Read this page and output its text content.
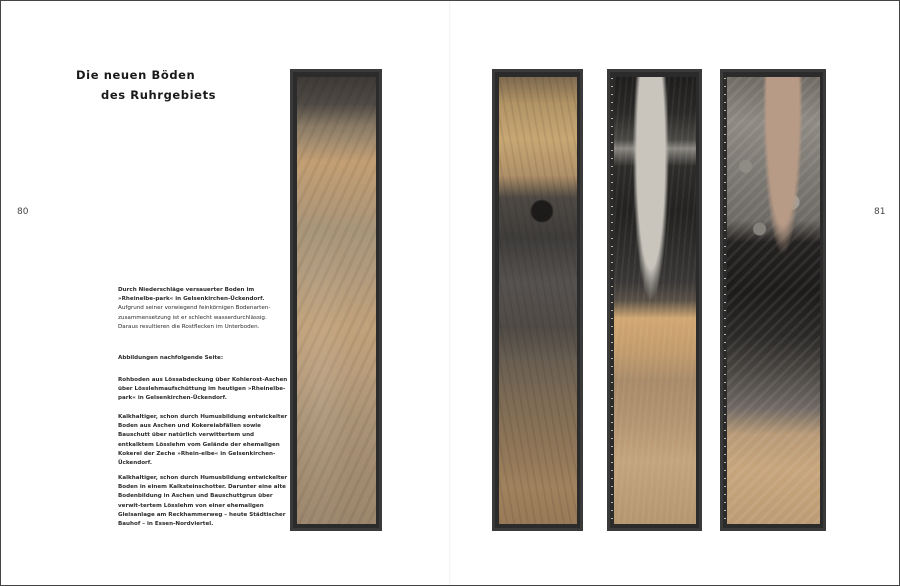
Die neuen Böden
des Ruhrgebiets
80	81

Durch Niederschläge versauerter Boden im »Rheinelbe-park« in Gelsenkirchen-Ückendorf.

Aufgrund seiner vorwiegend feinkörnigen Bodenarten-zusammensetzung ist er schlecht wasserdurchlässig. Daraus resultieren die Rostflecken im Unterboden.

Abbildungen nachfolgende Seite:

Rohboden aus Lössabdeckung über Kohlerost-Aschen über Lösslehmaufschüttung im heutigen »Rheinelbe-park« in Gelsenkirchen-Ückendorf.

Kalkhaltiger, schon durch Humusbildung entwickelter Boden aus Aschen und Kokereiabfällen sowie Bauschutt über natürlich verwittertem und entkalktem Lösslehm vom Gelände der ehemaligen Kokerei der Zeche »Rhein-elbe« in Gelsenkirchen-Ückendorf.

Kalkhaltiger, schon durch Humusbildung entwickelter Boden in einem Kalksteinschotter. Darunter eine alte Bodenbildung in Aschen und Bauschuttgrus über verwit-tertem Lösslehm von einer ehemaligen Gleisanlage am Reckhammerweg – heute Städtischer Bauhof – in Essen-Nordviertel.
